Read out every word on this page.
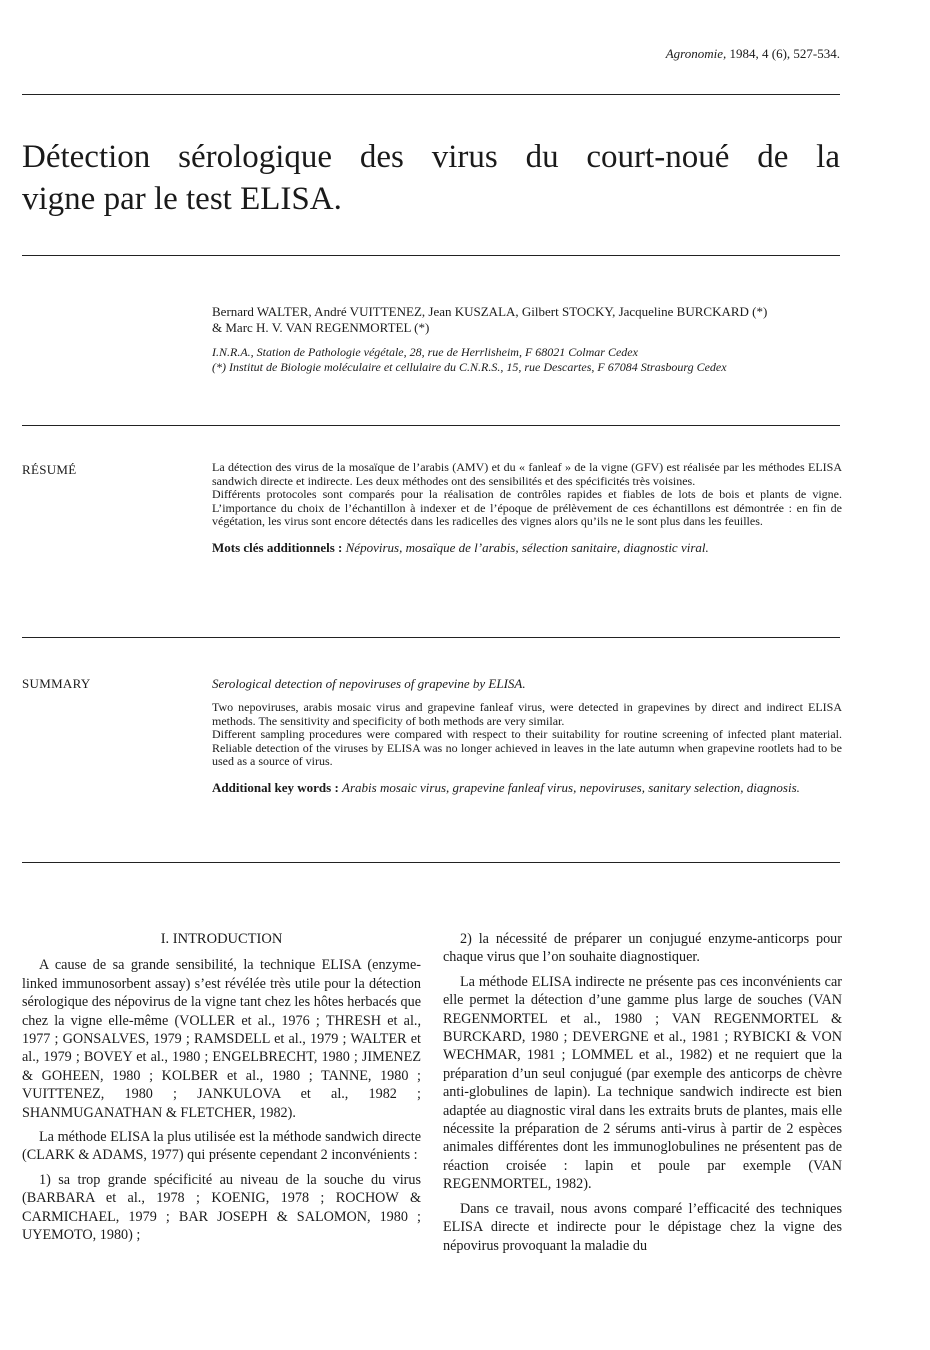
Agronomie, 1984, 4 (6), 527-534.
Détection sérologique des virus du court-noué de la

vigne par le test ELISA.
Bernard WALTER, André VUITTENEZ, Jean KUSZALA, Gilbert STOCKY, Jacqueline BURCKARD (*)
& Marc H. V. VAN REGENMORTEL (*)
I.N.R.A., Station de Pathologie végétale, 28, rue de Herrlisheim, F 68021 Colmar Cedex
(*) Institut de Biologie moléculaire et cellulaire du C.N.R.S., 15, rue Descartes, F 67084 Strasbourg Cedex
RÉSUMÉ	La détection des virus de la mosaïque de l’arabis (AMV) et du « fanleaf » de la vigne (GFV) est réalisée par les méthodes ELISA sandwich directe et indirecte. Les deux méthodes ont des sensibilités et des spécificités très voisines.

Différents protocoles sont comparés pour la réalisation de contrôles rapides et fiables de lots de bois et plants de vigne. L’importance du choix de l’échantillon à indexer et de l’époque de prélèvement de ces échantillons est démontrée : en fin de végétation, les virus sont encore détectés dans les radicelles des vignes alors qu’ils ne le sont plus dans les feuilles.

Mots clés additionnels : Népovirus, mosaïque de l’arabis, sélection sanitaire, diagnostic viral.

SUMMARY	Serological detection of nepoviruses of grapevine by ELISA.

Two nepoviruses, arabis mosaic virus and grapevine fanleaf virus, were detected in grapevines by direct and indirect ELISA methods. The sensitivity and specificity of both methods are very similar.

Different sampling procedures were compared with respect to their suitability for routine screening of infected plant material. Reliable detection of the viruses by ELISA was no longer achieved in leaves in the late autumn when grapevine rootlets had to be used as a source of virus.

Additional key words : Arabis mosaic virus, grapevine fanleaf virus, nepoviruses, sanitary selection, diagnosis.

I. INTRODUCTION

A cause de sa grande sensibilité, la technique ELISA (enzyme-linked immunosorbent assay) s’est révélée très utile pour la détection sérologique des népovirus de la vigne tant chez les hôtes herbacés que chez la vigne elle-même (VOLLER et al., 1976 ; THRESH et al., 1977 ; GONSALVES, 1979 ; RAMSDELL et al., 1979 ; WALTER et al., 1979 ; BOVEY et al., 1980 ; ENGELBRECHT, 1980 ; JIMENEZ & GOHEEN, 1980 ; KOLBER et al., 1980 ; TANNE, 1980 ; VUITTENEZ, 1980 ; JANKULOVA et al., 1982 ; SHANMUGANATHAN & FLETCHER, 1982).

La méthode ELISA la plus utilisée est la méthode sandwich directe (CLARK & ADAMS, 1977) qui présente cependant 2 inconvénients :

1) sa trop grande spécificité au niveau de la souche du virus (BARBARA et al., 1978 ; KOENIG, 1978 ; ROCHOW & CARMICHAEL, 1979 ; BAR JOSEPH & SALOMON, 1980 ; UYEMOTO, 1980) ;

2) la nécessité de préparer un conjugué enzyme-anticorps pour chaque virus que l’on souhaite diagnostiquer.

La méthode ELISA indirecte ne présente pas ces inconvénients car elle permet la détection d’une gamme plus large de souches (VAN REGENMORTEL et al., 1980 ; VAN REGENMORTEL & BURCKARD, 1980 ; DEVERGNE et al., 1981 ; RYBICKI & VON WECHMAR, 1981 ; LOMMEL et al., 1982) et ne requiert que la préparation d’un seul conjugué (par exemple des anticorps de chèvre anti-globulines de lapin). La technique sandwich indirecte est bien adaptée au diagnostic viral dans les extraits bruts de plantes, mais elle nécessite la préparation de 2 sérums anti-virus à partir de 2 espèces animales différentes dont les immunoglobulines ne présentent pas de réaction croisée : lapin et poule par exemple (VAN REGENMORTEL, 1982).

Dans ce travail, nous avons comparé l’efficacité des techniques ELISA directe et indirecte pour le dépistage chez la vigne des népovirus provoquant la maladie du
